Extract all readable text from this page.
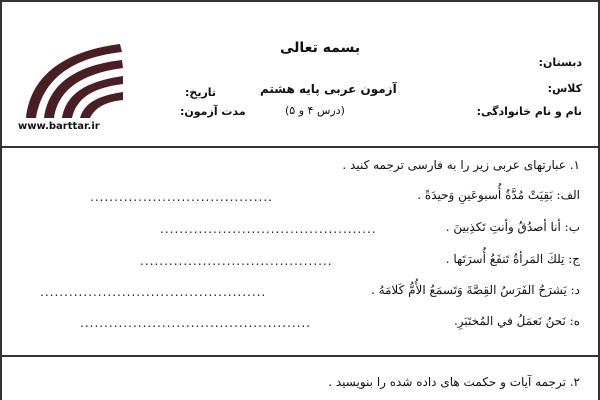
بسمه تعالی
دبستان:
کلاس:
نام و نام خانوادگی:
آزمون عربی پایه هشتم
(درس ۴ و ۵)
تاریخ:
مدت آزمون:
www.barttar.ir
۱. عبارتهای عربی زیر را به فارسی ترجمه کنید .
الف: بَقِيَتْ مُدَّةُ أُسبوعَينِ وَحيدَةً .
......................................
ب: أنا أصدُقُ وأنتِ تَكذِبينَ .
.............................................
ج: تِلكَ المَرأةُ تَنفَعُ أُسرَتَها .
........................................
د: يَشرَحُ الفَرَسُ القِصَّةَ وَتَسمَعُ الأُمُّ كَلامَهُ .
...............................................
ه: نَحنُ نَعمَلُ في المُختَبَرِ.
................................................
۲. ترجمه آیات و حکمت های داده شده را بنویسید .
